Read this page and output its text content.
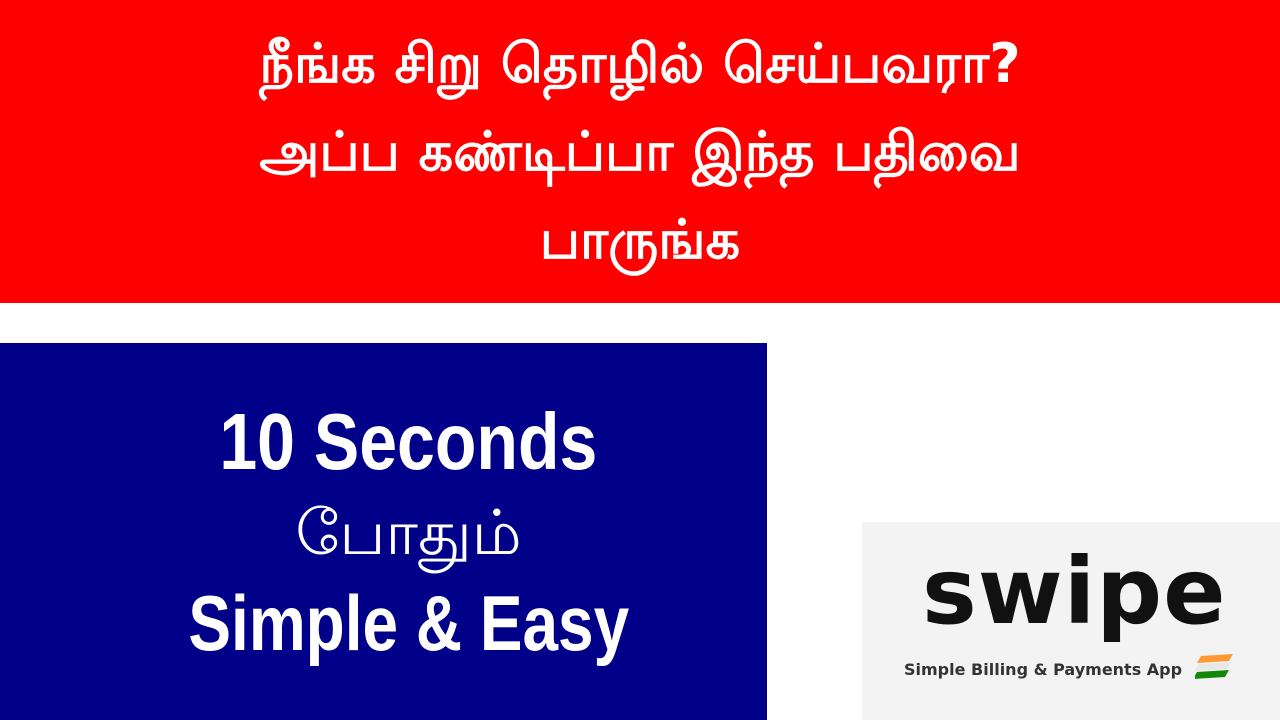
நீங்க சிறு தொழில் செய்பவரா?
அப்ப கண்டிப்பா இந்த பதிவை
பாருங்க
10 Seconds
போதும்
Simple & Easy	swipe
Simple Billing & Payments App
